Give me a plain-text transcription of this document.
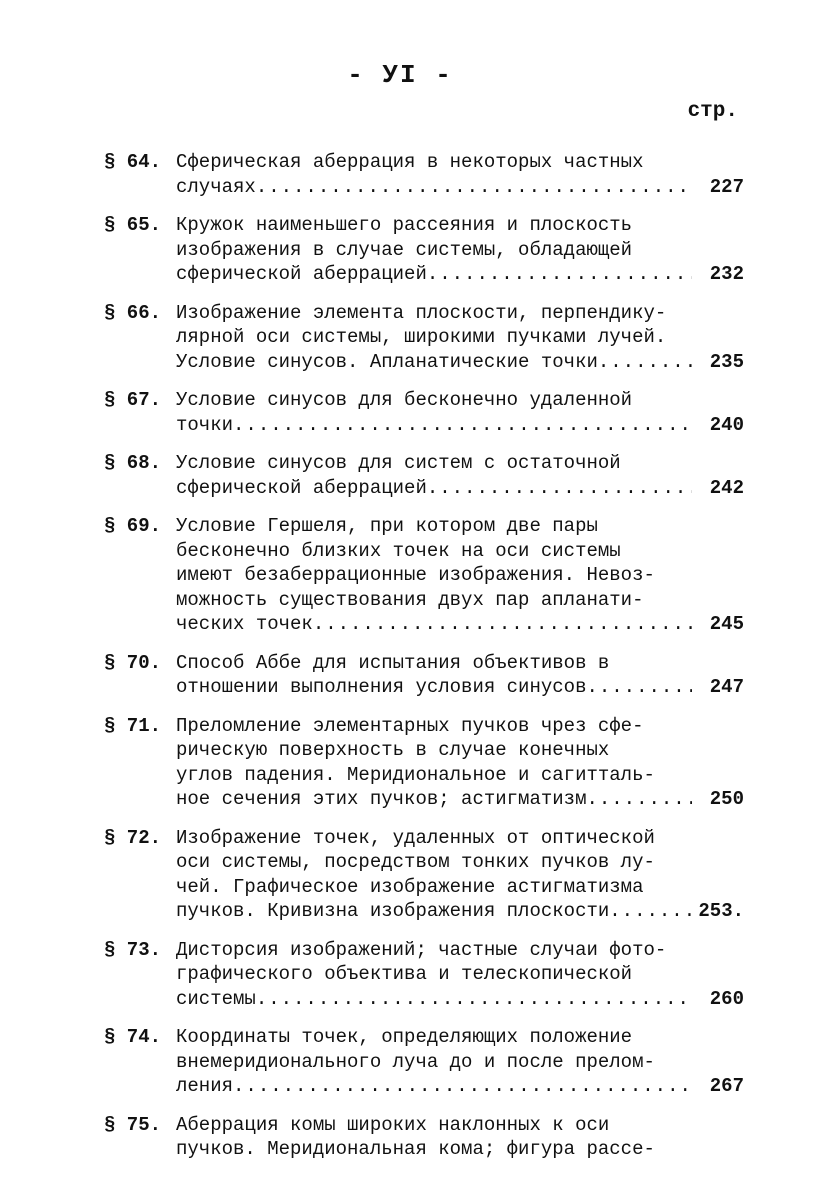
- УI -
стр.
§ 64. Сферическая аберрация в некоторых частных
случаях .....	227
§ 65. Кружок наименьшего рассеяния и плоскость
изображения в случае системы, обладающей
сферической аберрацией .....	232
§ 66. Изображение элемента плоскости, перпендику-
лярной оси системы, широкими пучками лучей.
Условие синусов. Апланатические точки .....	235
§ 67. Условие синусов для бесконечно удаленной
точки .....	240
§ 68. Условие синусов для систем с остаточной
сферической аберрацией .....	242
§ 69. Условие Гершеля, при котором две пары
бесконечно близких точек на оси системы
имеют безаберрационные изображения. Невоз-
можность существования двух пар апланати-
ческих точек .....	245
§ 70. Способ Аббе для испытания объективов в
отношении выполнения условия синусов .....	247
§ 71. Преломление элементарных пучков чрез сфе-
рическую поверхность в случае конечных
углов падения. Меридиональное и сагитталь-
ное сечения этих пучков; астигматизм .....	250
§ 72. Изображение точек, удаленных от оптической
оси системы, посредством тонких пучков лу-
чей. Графическое изображение астигматизма
пучков. Кривизна изображения плоскости .....	253.
§ 73. Дисторсия изображений; частные случаи фото-
графического объектива и телескопической
системы .....	260
§ 74. Координаты точек, определяющих положение
внемеридионального луча до и после прелом-
ления .....	267
§ 75. Аберрация комы широких наклонных к оси
пучков. Меридиональная кома; фигура рассе-
